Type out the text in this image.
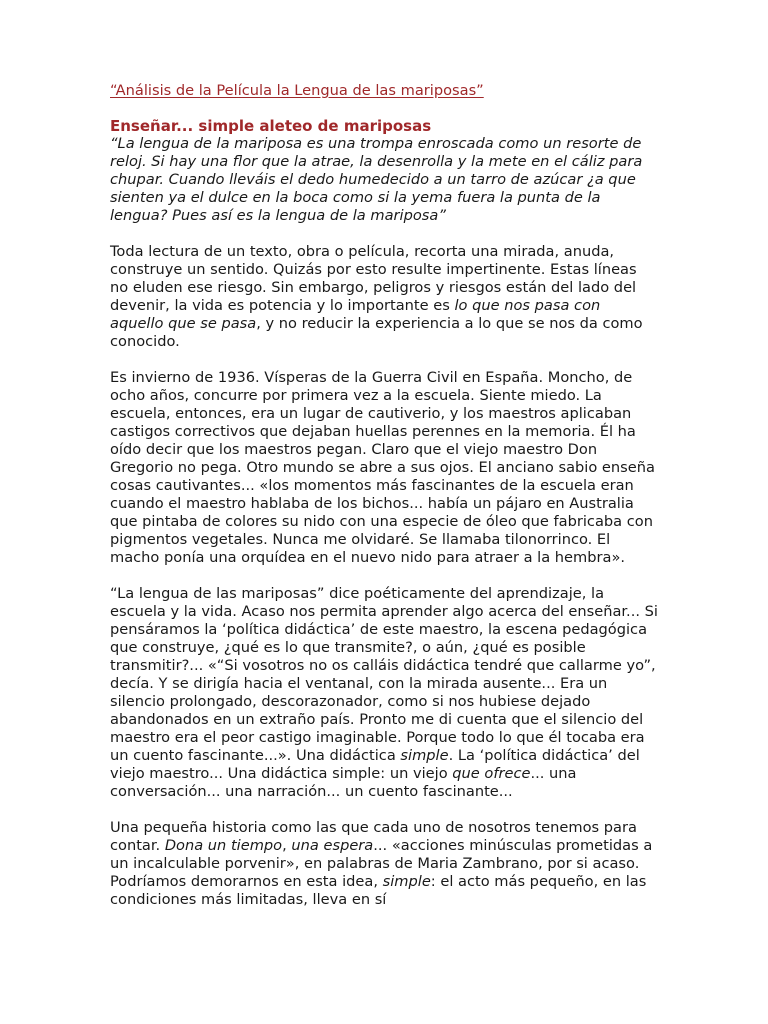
“Análisis de la Película la Lengua de las mariposas”
Enseñar... simple aleteo de mariposas

“La lengua de la mariposa es una trompa enroscada como un resorte de reloj. Si hay una flor que la atrae, la desenrolla y la mete en el cáliz para chupar. Cuando lleváis el dedo humedecido a un tarro de azúcar ¿a que sienten ya el dulce en la boca como si la yema fuera la punta de la lengua? Pues así es la lengua de la mariposa”

Toda lectura de un texto, obra o película, recorta una mirada, anuda, construye un sentido. Quizás por esto resulte impertinente. Estas líneas no eluden ese riesgo. Sin embargo, peligros y riesgos están del lado del devenir, la vida es potencia y lo importante es lo que nos pasa con aquello que se pasa, y no reducir la experiencia a lo que se nos da como conocido.

Es invierno de 1936. Vísperas de la Guerra Civil en España. Moncho, de ocho años, concurre por primera vez a la escuela. Siente miedo. La escuela, entonces, era un lugar de cautiverio, y los maestros aplicaban castigos correctivos que dejaban huellas perennes en la memoria. Él ha oído decir que los maestros pegan. Claro que el viejo maestro Don Gregorio no pega. Otro mundo se abre a sus ojos. El anciano sabio enseña cosas cautivantes... «los momentos más fascinantes de la escuela eran cuando el maestro hablaba de los bichos... había un pájaro en Australia que pintaba de colores su nido con una especie de óleo que fabricaba con pigmentos vegetales. Nunca me olvidaré. Se llamaba tilonorrinco. El macho ponía una orquídea en el nuevo nido para atraer a la hembra».

“La lengua de las mariposas” dice poéticamente del aprendizaje, la escuela y la vida. Acaso nos permita aprender algo acerca del enseñar... Si pensáramos la ‘política didáctica’ de este maestro, la escena pedagógica que construye, ¿qué es lo que transmite?, o aún, ¿qué es posible transmitir?... «“Si vosotros no os calláis didáctica tendré que callarme yo”, decía. Y se dirigía hacia el ventanal, con la mirada ausente... Era un silencio prolongado, descorazonador, como si nos hubiese dejado abandonados en un extraño país. Pronto me di cuenta que el silencio del maestro era el peor castigo imaginable. Porque todo lo que él tocaba era un cuento fascinante...». Una didáctica simple. La ‘política didáctica’ del viejo maestro... Una didáctica simple: un viejo que ofrece... una conversación... una narración... un cuento fascinante...

Una pequeña historia como las que cada uno de nosotros tenemos para contar. Dona un tiempo, una espera... «acciones minúsculas prometidas a un incalculable porvenir», en palabras de Maria Zambrano, por si acaso. Podríamos demorarnos en esta idea, simple: el acto más pequeño, en las condiciones más limitadas, lleva en sí
